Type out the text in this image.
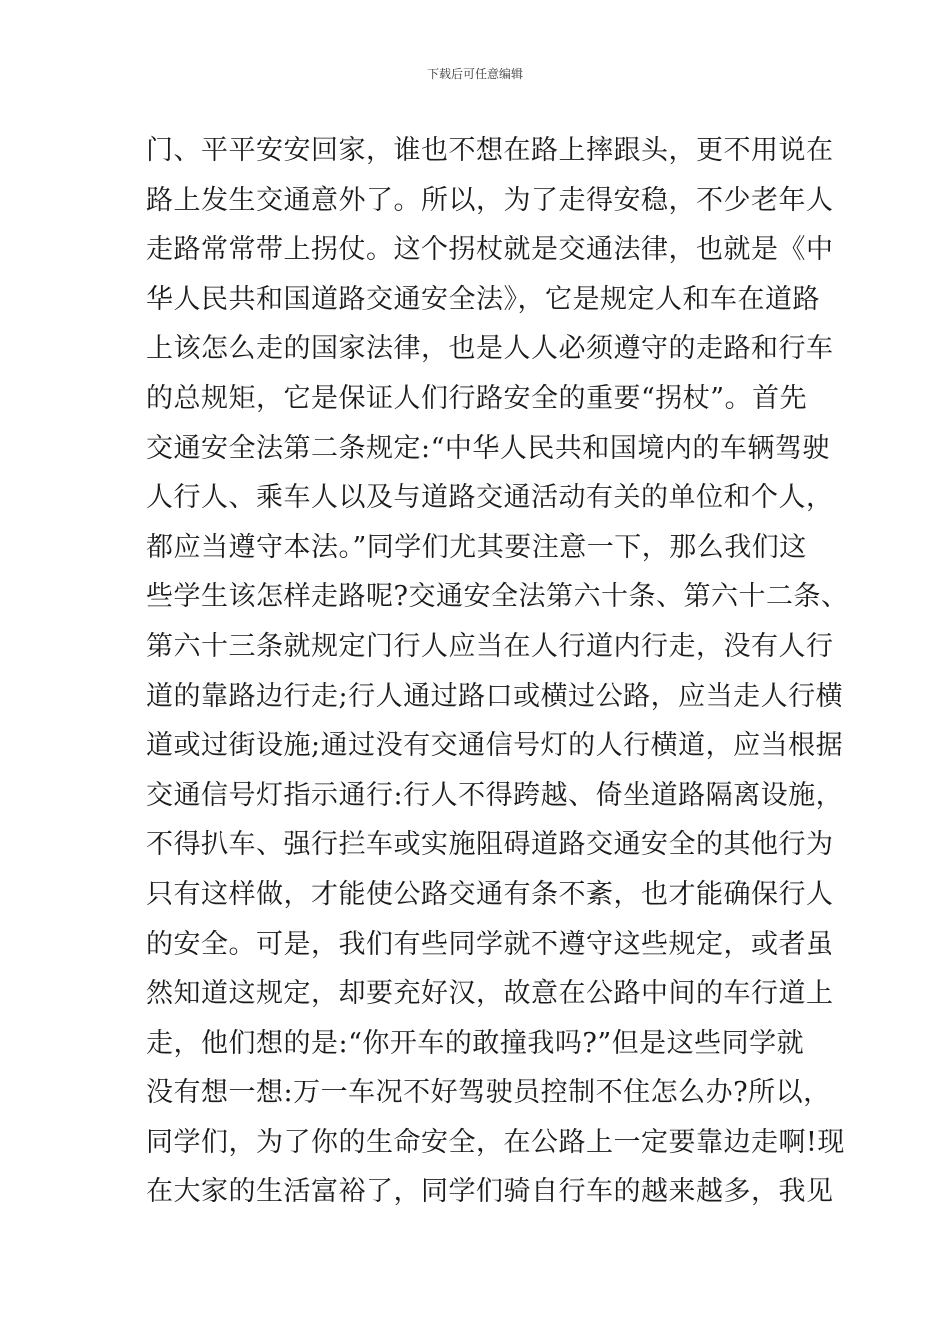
下载后可任意编辑
门、平平安安回家，谁也不想在路上摔跟头，更不用说在
路上发生交通意外了。所以，为了走得安稳，不少老年人
走路常常带上拐仗。这个拐杖就是交通法律，也就是《中
华人民共和国道路交通安全法》，它是规定人和车在道路
上该怎么走的国家法律，也是人人必须遵守的走路和行车
的总规矩，它是保证人们行路安全的重要“拐杖”。首先
交通安全法第二条规定:“中华人民共和国境内的车辆驾驶
人行人、乘车人以及与道路交通活动有关的单位和个人，
都应当遵守本法。”同学们尤其要注意一下，那么我们这
些学生该怎样走路呢?交通安全法第六十条、第六十二条、
第六十三条就规定门行人应当在人行道内行走，没有人行
道的靠路边行走;行人通过路口或横过公路，应当走人行横
道或过街设施;通过没有交通信号灯的人行横道，应当根据
交通信号灯指示通行:行人不得跨越、倚坐道路隔离设施，
不得扒车、强行拦车或实施阻碍道路交通安全的其他行为
只有这样做，才能使公路交通有条不紊，也才能确保行人
的安全。可是，我们有些同学就不遵守这些规定，或者虽
然知道这规定，却要充好汉，故意在公路中间的车行道上
走，他们想的是:“你开车的敢撞我吗?”但是这些同学就
没有想一想:万一车况不好驾驶员控制不住怎么办?所以，
同学们，为了你的生命安全，在公路上一定要靠边走啊!现
在大家的生活富裕了，同学们骑自行车的越来越多，我见
